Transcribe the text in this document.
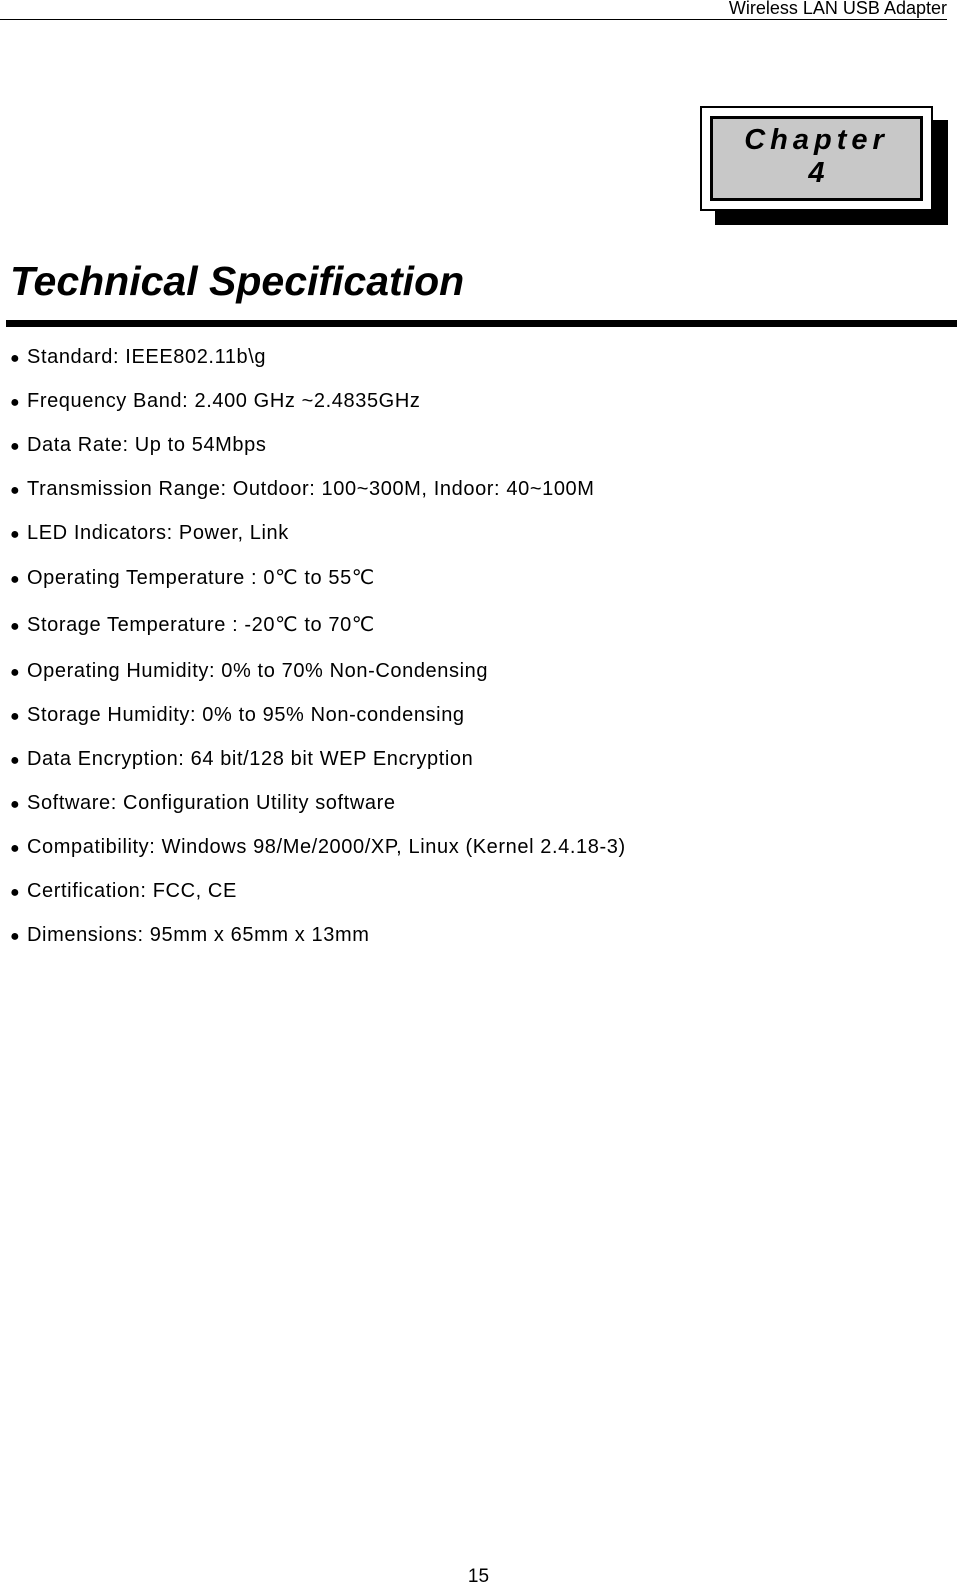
Wireless LAN USB Adapter
Chapter
4
Technical Specification
● Standard: IEEE802.11b\g
● Frequency Band: 2.400 GHz ~2.4835GHz
● Data Rate: Up to 54Mbps
● Transmission Range: Outdoor: 100~300M, Indoor: 40~100M
● LED Indicators: Power, Link
● Operating Temperature : 0℃ to 55℃
● Storage Temperature : -20℃ to 70℃
● Operating Humidity: 0% to 70% Non-Condensing
● Storage Humidity: 0% to 95% Non-condensing
● Data Encryption: 64 bit/128 bit WEP Encryption
● Software: Configuration Utility software
● Compatibility: Windows 98/Me/2000/XP, Linux (Kernel 2.4.18-3)
● Certification: FCC, CE
● Dimensions: 95mm x 65mm x 13mm
15
